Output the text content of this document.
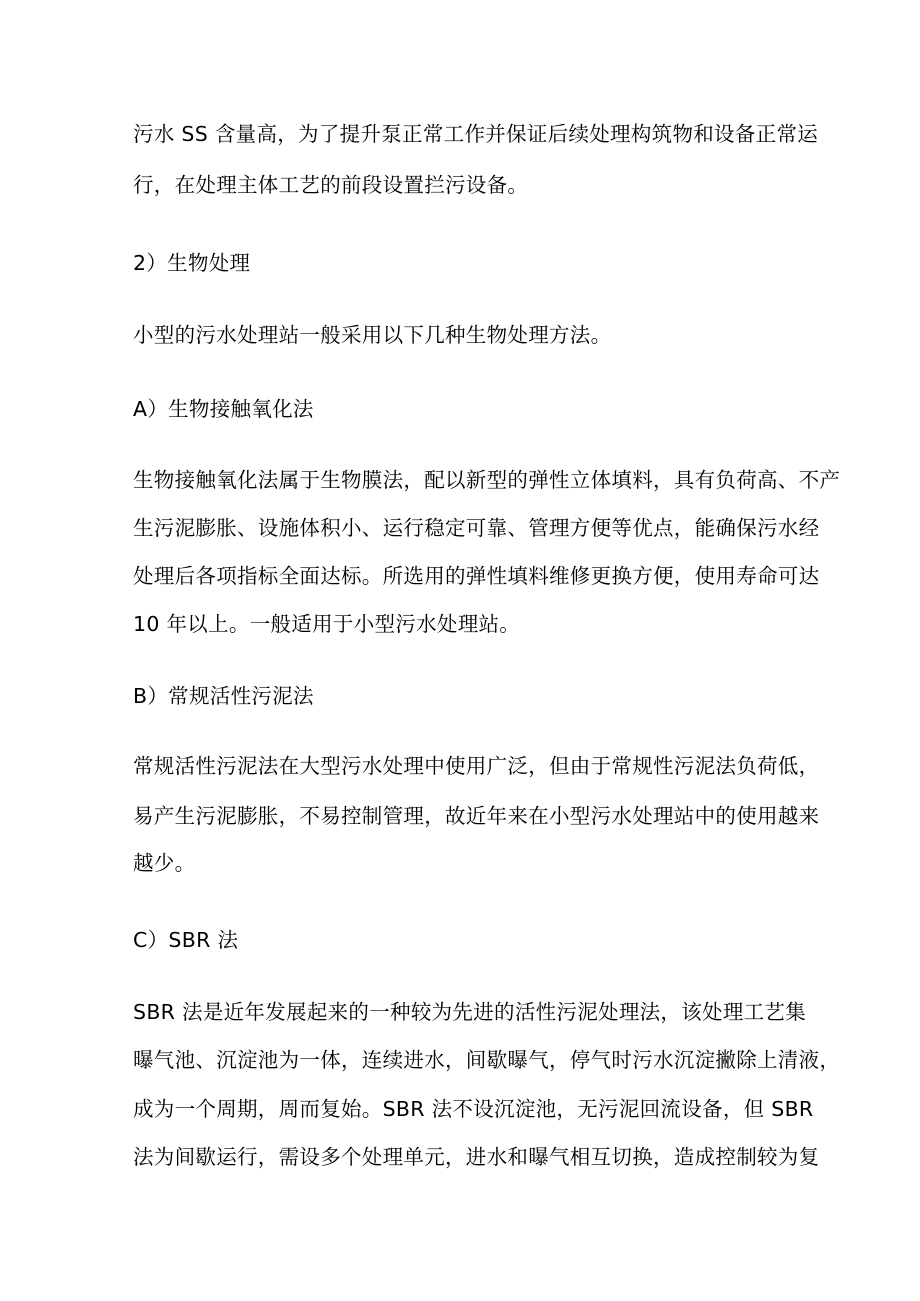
污水 SS 含量高，为了提升泵正常工作并保证后续处理构筑物和设备正常运

行，在处理主体工艺的前段设置拦污设备。

2）生物处理

小型的污水处理站一般采用以下几种生物处理方法。

A）生物接触氧化法

生物接触氧化法属于生物膜法，配以新型的弹性立体填料，具有负荷高、不产

生污泥膨胀、设施体积小、运行稳定可靠、管理方便等优点，能确保污水经

处理后各项指标全面达标。所选用的弹性填料维修更换方便，使用寿命可达

10 年以上。一般适用于小型污水处理站。

B）常规活性污泥法

常规活性污泥法在大型污水处理中使用广泛，但由于常规性污泥法负荷低，

易产生污泥膨胀，不易控制管理，故近年来在小型污水处理站中的使用越来

越少。

C）SBR 法

SBR 法是近年发展起来的一种较为先进的活性污泥处理法，该处理工艺集

曝气池、沉淀池为一体，连续进水，间歇曝气，停气时污水沉淀撇除上清液，

成为一个周期，周而复始。SBR 法不设沉淀池，无污泥回流设备，但 SBR

法为间歇运行，需设多个处理单元，进水和曝气相互切换，造成控制较为复
